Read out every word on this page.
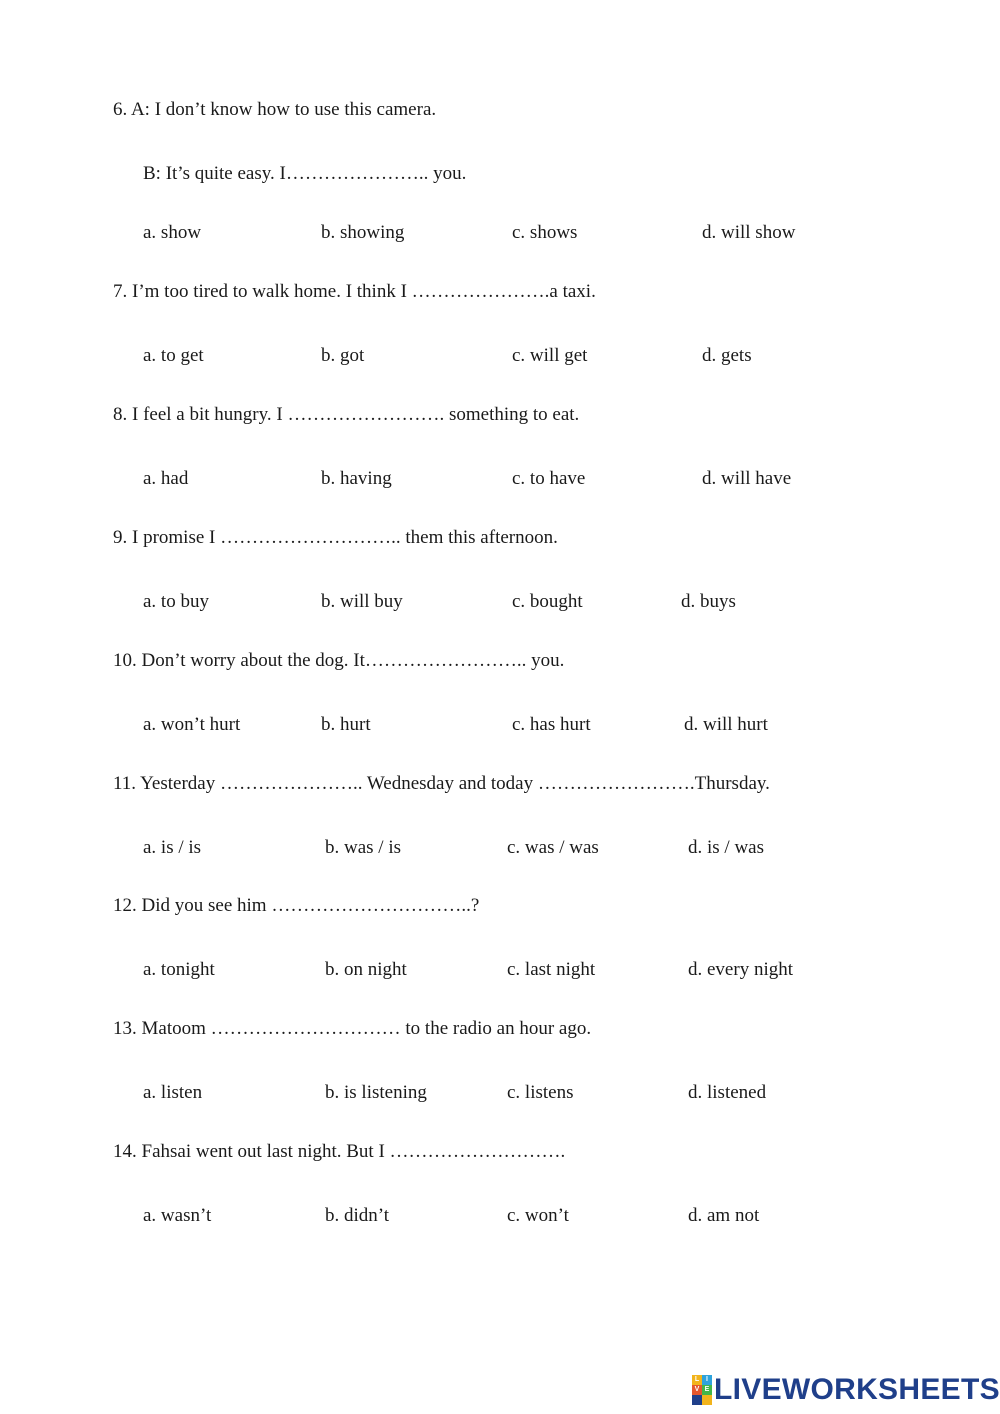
6. A: I don’t know how to use this camera.
B: It’s quite easy. I………………….. you.
a. show	b. showing	c. shows	d. will show
7. I’m too tired to walk home. I think I ………………….a taxi.
a. to get	b. got	c. will get	d. gets
8. I feel a bit hungry. I ……………………. something to eat.
a. had	b. having	c. to have	d. will have
9. I promise I ……………………….. them this afternoon.
a. to buy	b. will buy	c. bought	d. buys
10. Don’t worry about the dog. It…………………….. you.
a. won’t hurt	b. hurt	c. has hurt	d. will hurt
11. Yesterday ………………….. Wednesday and today …………………….Thursday.
a. is / is	b. was / is	c. was / was	d. is / was
12. Did you see him …………………………..?
a. tonight	b. on night	c. last night	d. every night
13. Matoom ………………………… to the radio an hour ago.
a. listen	b. is listening	c. listens	d. listened
14. Fahsai went out last night. But I ……………………….
a. wasn’t	b. didn’t	c. won’t	d. am not
L I
V E LIVEWORKSHEETS
